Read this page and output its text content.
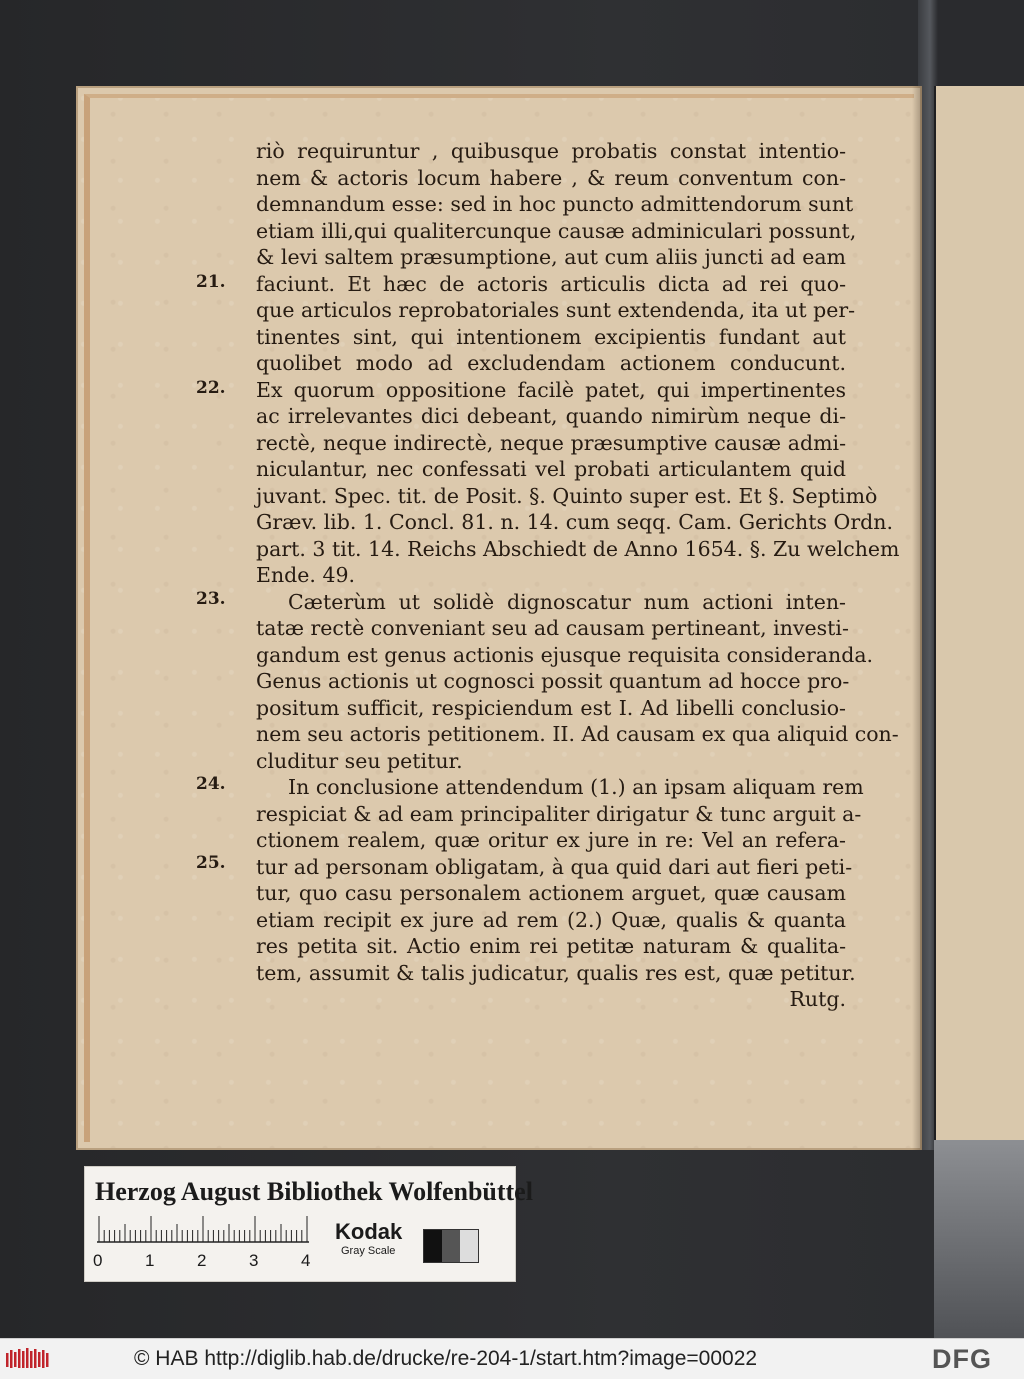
21.
22.
23.
24.
25.
riò requiruntur , quibusque probatis constat intentio-
nem & actoris locum habere , & reum conventum con-
demnandum esse: sed in hoc puncto admittendorum sunt
etiam illi,qui qualitercunque causæ adminiculari possunt,
& levi saltem præsumptione, aut cum aliis juncti ad eam
faciunt. Et hæc de actoris articulis dicta ad rei quo-
que articulos reprobatoriales sunt extendenda, ita ut per-
tinentes sint, qui intentionem excipientis fundant aut
quolibet modo ad excludendam actionem conducunt.
Ex quorum oppositione facilè patet, qui impertinentes
ac irrelevantes dici debeant, quando nimirùm neque di-
rectè, neque indirectè, neque præsumptive causæ admi-
niculantur, nec confessati vel probati articulantem quid
juvant. Spec. tit. de Posit. §. Quinto super est. Et §. Septimò
Græv. lib. 1. Concl. 81. n. 14. cum seqq. Cam. Gerichts Ordn.
part. 3 tit. 14. Reichs Abschiedt de Anno 1654. §. Zu welchem
Ende. 49.
Cæterùm ut solidè dignoscatur num actioni inten-
tatæ rectè conveniant seu ad causam pertineant, investi-
gandum est genus actionis ejusque requisita consideranda.
Genus actionis ut cognosci possit quantum ad hocce pro-
positum sufficit, respiciendum est I. Ad libelli conclusio-
nem seu actoris petitionem. II. Ad causam ex qua aliquid con-
cluditur seu petitur.
In conclusione attendendum (1.) an ipsam aliquam rem
respiciat & ad eam principaliter dirigatur & tunc arguit a-
ctionem realem, quæ oritur ex jure in re: Vel an refera-
tur ad personam obligatam, à qua quid dari aut fieri peti-
tur, quo casu personalem actionem arguet, quæ causam
etiam recipit ex jure ad rem (2.) Quæ, qualis & quanta
res petita sit. Actio enim rei petitæ naturam & qualita-
tem, assumit & talis judicatur, qualis res est, quæ petitur.
Rutg.
Herzog August Bibliothek Wolfenbüttel
0	1	2	3	4
Kodak
Gray Scale
© HAB http://diglib.hab.de/drucke/re-204-1/start.htm?image=00022	DFG
